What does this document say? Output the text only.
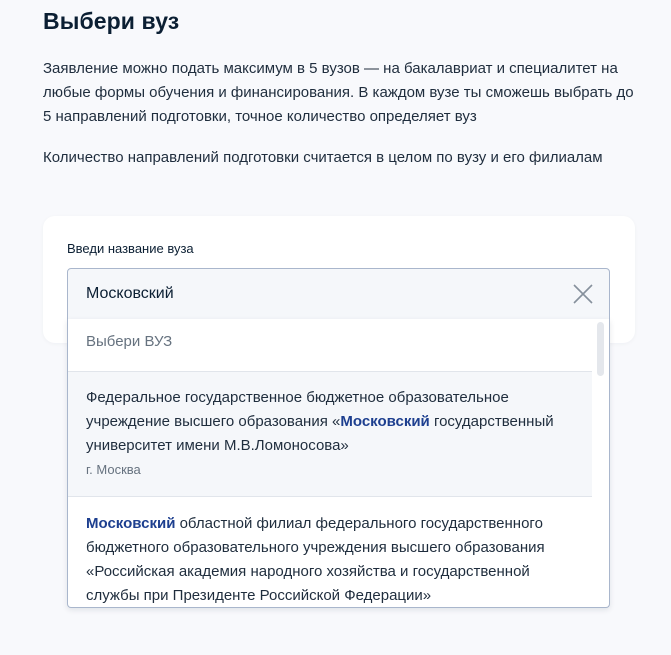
Выбери вуз

Заявление можно подать максимум в 5 вузов — на бакалавриат и специалитет на любые формы обучения и финансирования. В каждом вузе ты сможешь выбрать до 5 направлений подготовки, точное количество определяет вуз

Количество направлений подготовки считается в целом по вузу и его филиалам

Введи название вуза
Московский
Выбери ВУЗ
Федеральное государственное бюджетное образовательное учреждение высшего образования «Московский государственный университет имени М.В.Ломоносова»
г. Москва
Московский областной филиал федерального государственного бюджетного образовательного учреждения высшего образования «Российская академия народного хозяйства и государственной службы при Президенте Российской Федерации»
